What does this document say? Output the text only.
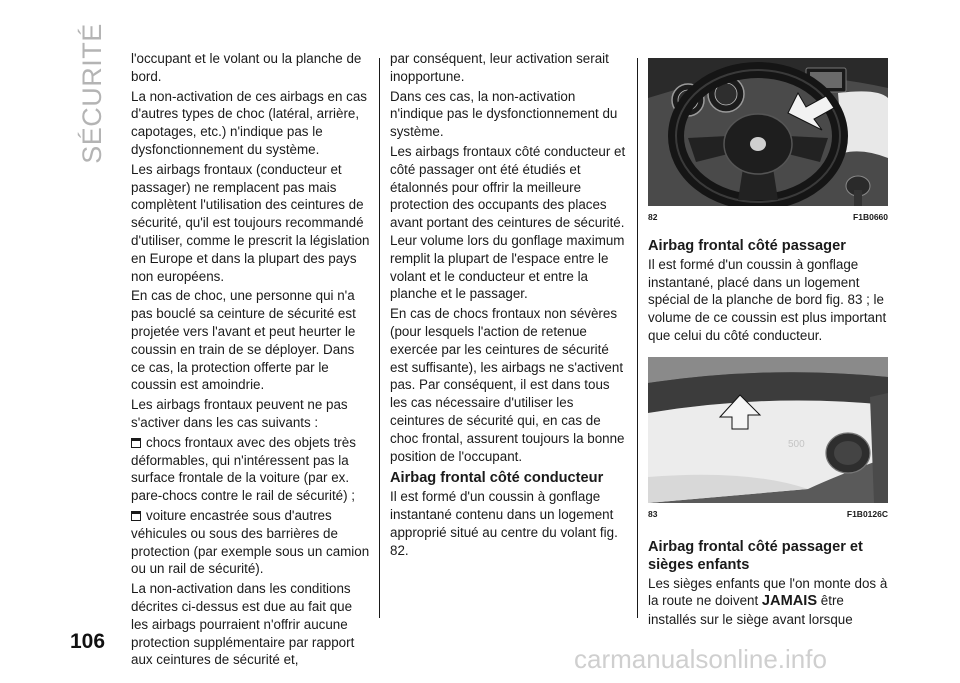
SÉCURITÉ l'occupant et le volant ou la planche de bord.

La non-activation de ces airbags en cas d'autres types de choc (latéral, arrière, capotages, etc.) n'indique pas le dysfonctionnement du système.

Les airbags frontaux (conducteur et passager) ne remplacent pas mais complètent l'utilisation des ceintures de sécurité, qu'il est toujours recommandé d'utiliser, comme le prescrit la législation en Europe et dans la plupart des pays non européens.

En cas de choc, une personne qui n'a pas bouclé sa ceinture de sécurité est projetée vers l'avant et peut heurter le coussin en train de se déployer. Dans ce cas, la protection offerte par le coussin est amoindrie.

Les airbags frontaux peuvent ne pas s'activer dans les cas suivants :

chocs frontaux avec des objets très déformables, qui n'intéressent pas la surface frontale de la voiture (par ex. pare-chocs contre le rail de sécurité) ;

voiture encastrée sous d'autres véhicules ou sous des barrières de protection (par exemple sous un camion ou un rail de sécurité).

La non-activation dans les conditions décrites ci-dessus est due au fait que les airbags pourraient n'offrir aucune protection supplémentaire par rapport aux ceintures de sécurité et,

par conséquent, leur activation serait inopportune.

Dans ces cas, la non-activation n'indique pas le dysfonctionnement du système.

Les airbags frontaux côté conducteur et côté passager ont été étudiés et étalonnés pour offrir la meilleure protection des occupants des places avant portant des ceintures de sécurité. Leur volume lors du gonflage maximum remplit la plupart de l'espace entre le volant et le conducteur et entre la planche et le passager.

En cas de chocs frontaux non sévères (pour lesquels l'action de retenue exercée par les ceintures de sécurité est suffisante), les airbags ne s'activent pas. Par conséquent, il est dans tous les cas nécessaire d'utiliser les ceintures de sécurité qui, en cas de choc frontal, assurent toujours la bonne position de l'occupant.

Airbag frontal côté conducteur

Il est formé d'un coussin à gonflage instantané contenu dans un logement approprié situé au centre du volant fig. 82.

82	F1B0660
Airbag frontal côté passager

Il est formé d'un coussin à gonflage instantané, placé dans un logement spécial de la planche de bord fig. 83 ; le volume de ce coussin est plus important que celui du côté conducteur.

500
83	F1B0126C
Airbag frontal côté passager et sièges enfants

Les sièges enfants que l'on monte dos à la route ne doivent JAMAIS être installés sur le siège avant lorsque

106
carmanualsonline.info
